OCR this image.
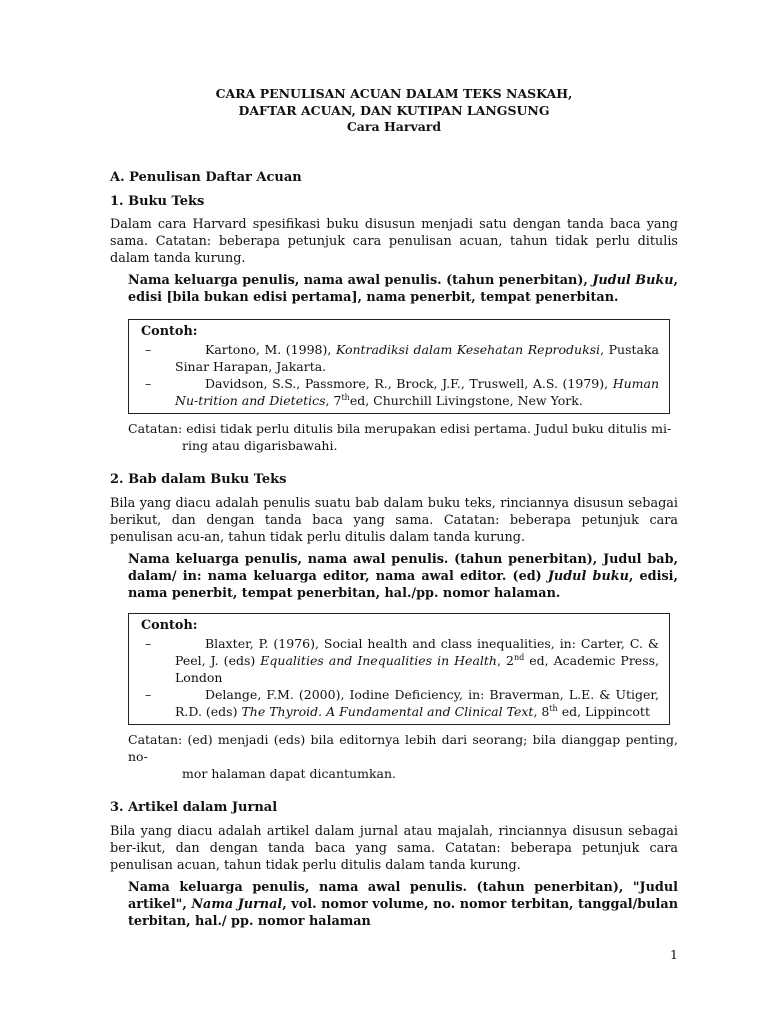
CARA PENULISAN ACUAN DALAM TEKS NASKAH,
DAFTAR ACUAN, DAN KUTIPAN LANGSUNG
Cara Harvard
A. Penulisan Daftar Acuan
1. Buku Teks

Dalam cara Harvard spesifikasi buku disusun menjadi satu dengan tanda baca yang sama. Catatan: beberapa petunjuk cara penulisan acuan, tahun tidak perlu ditulis dalam tanda kurung.

Nama keluarga penulis, nama awal penulis. (tahun penerbitan), Judul Buku, edisi [bila bukan edisi pertama], nama penerbit, tempat penerbitan.

Contoh:
–	Kartono, M. (1998), Kontradiksi dalam Kesehatan Reproduksi, Pustaka Sinar Harapan, Jakarta.
–	Davidson, S.S., Passmore, R., Brock, J.F., Truswell, A.S. (1979), Human Nu-trition and Dietetics, 7thed, Churchill Livingstone, New York.
Catatan: edisi tidak perlu ditulis bila merupakan edisi pertama. Judul buku ditulis mi-
ring atau digarisbawahi.
2. Bab dalam Buku Teks

Bila yang diacu adalah penulis suatu bab dalam buku teks, rinciannya disusun sebagai berikut, dan dengan tanda baca yang sama. Catatan: beberapa petunjuk cara penulisan acu-an, tahun tidak perlu ditulis dalam tanda kurung.

Nama keluarga penulis, nama awal penulis. (tahun penerbitan), Judul bab, dalam/ in: nama keluarga editor, nama awal editor. (ed) Judul buku, edisi, nama penerbit, tempat penerbitan, hal./pp. nomor halaman.

Contoh:
–	Blaxter, P. (1976), Social health and class inequalities, in: Carter, C. & Peel, J. (eds) Equalities and Inequalities in Health, 2nd ed, Academic Press, London
–	Delange, F.M. (2000), Iodine Deficiency, in: Braverman, L.E. & Utiger, R.D. (eds) The Thyroid. A Fundamental and Clinical Text, 8th ed, Lippincott
Catatan: (ed) menjadi (eds) bila editornya lebih dari seorang; bila dianggap penting, no-
mor halaman dapat dicantumkan.
3. Artikel dalam Jurnal

Bila yang diacu adalah artikel dalam jurnal atau majalah, rinciannya disusun sebagai ber-ikut, dan dengan tanda baca yang sama. Catatan: beberapa petunjuk cara penulisan acuan, tahun tidak perlu ditulis dalam tanda kurung.

Nama keluarga penulis, nama awal penulis. (tahun penerbitan), "Judul artikel", Nama Jurnal, vol. nomor volume, no. nomor terbitan, tanggal/bulan terbitan, hal./ pp. nomor halaman

1
